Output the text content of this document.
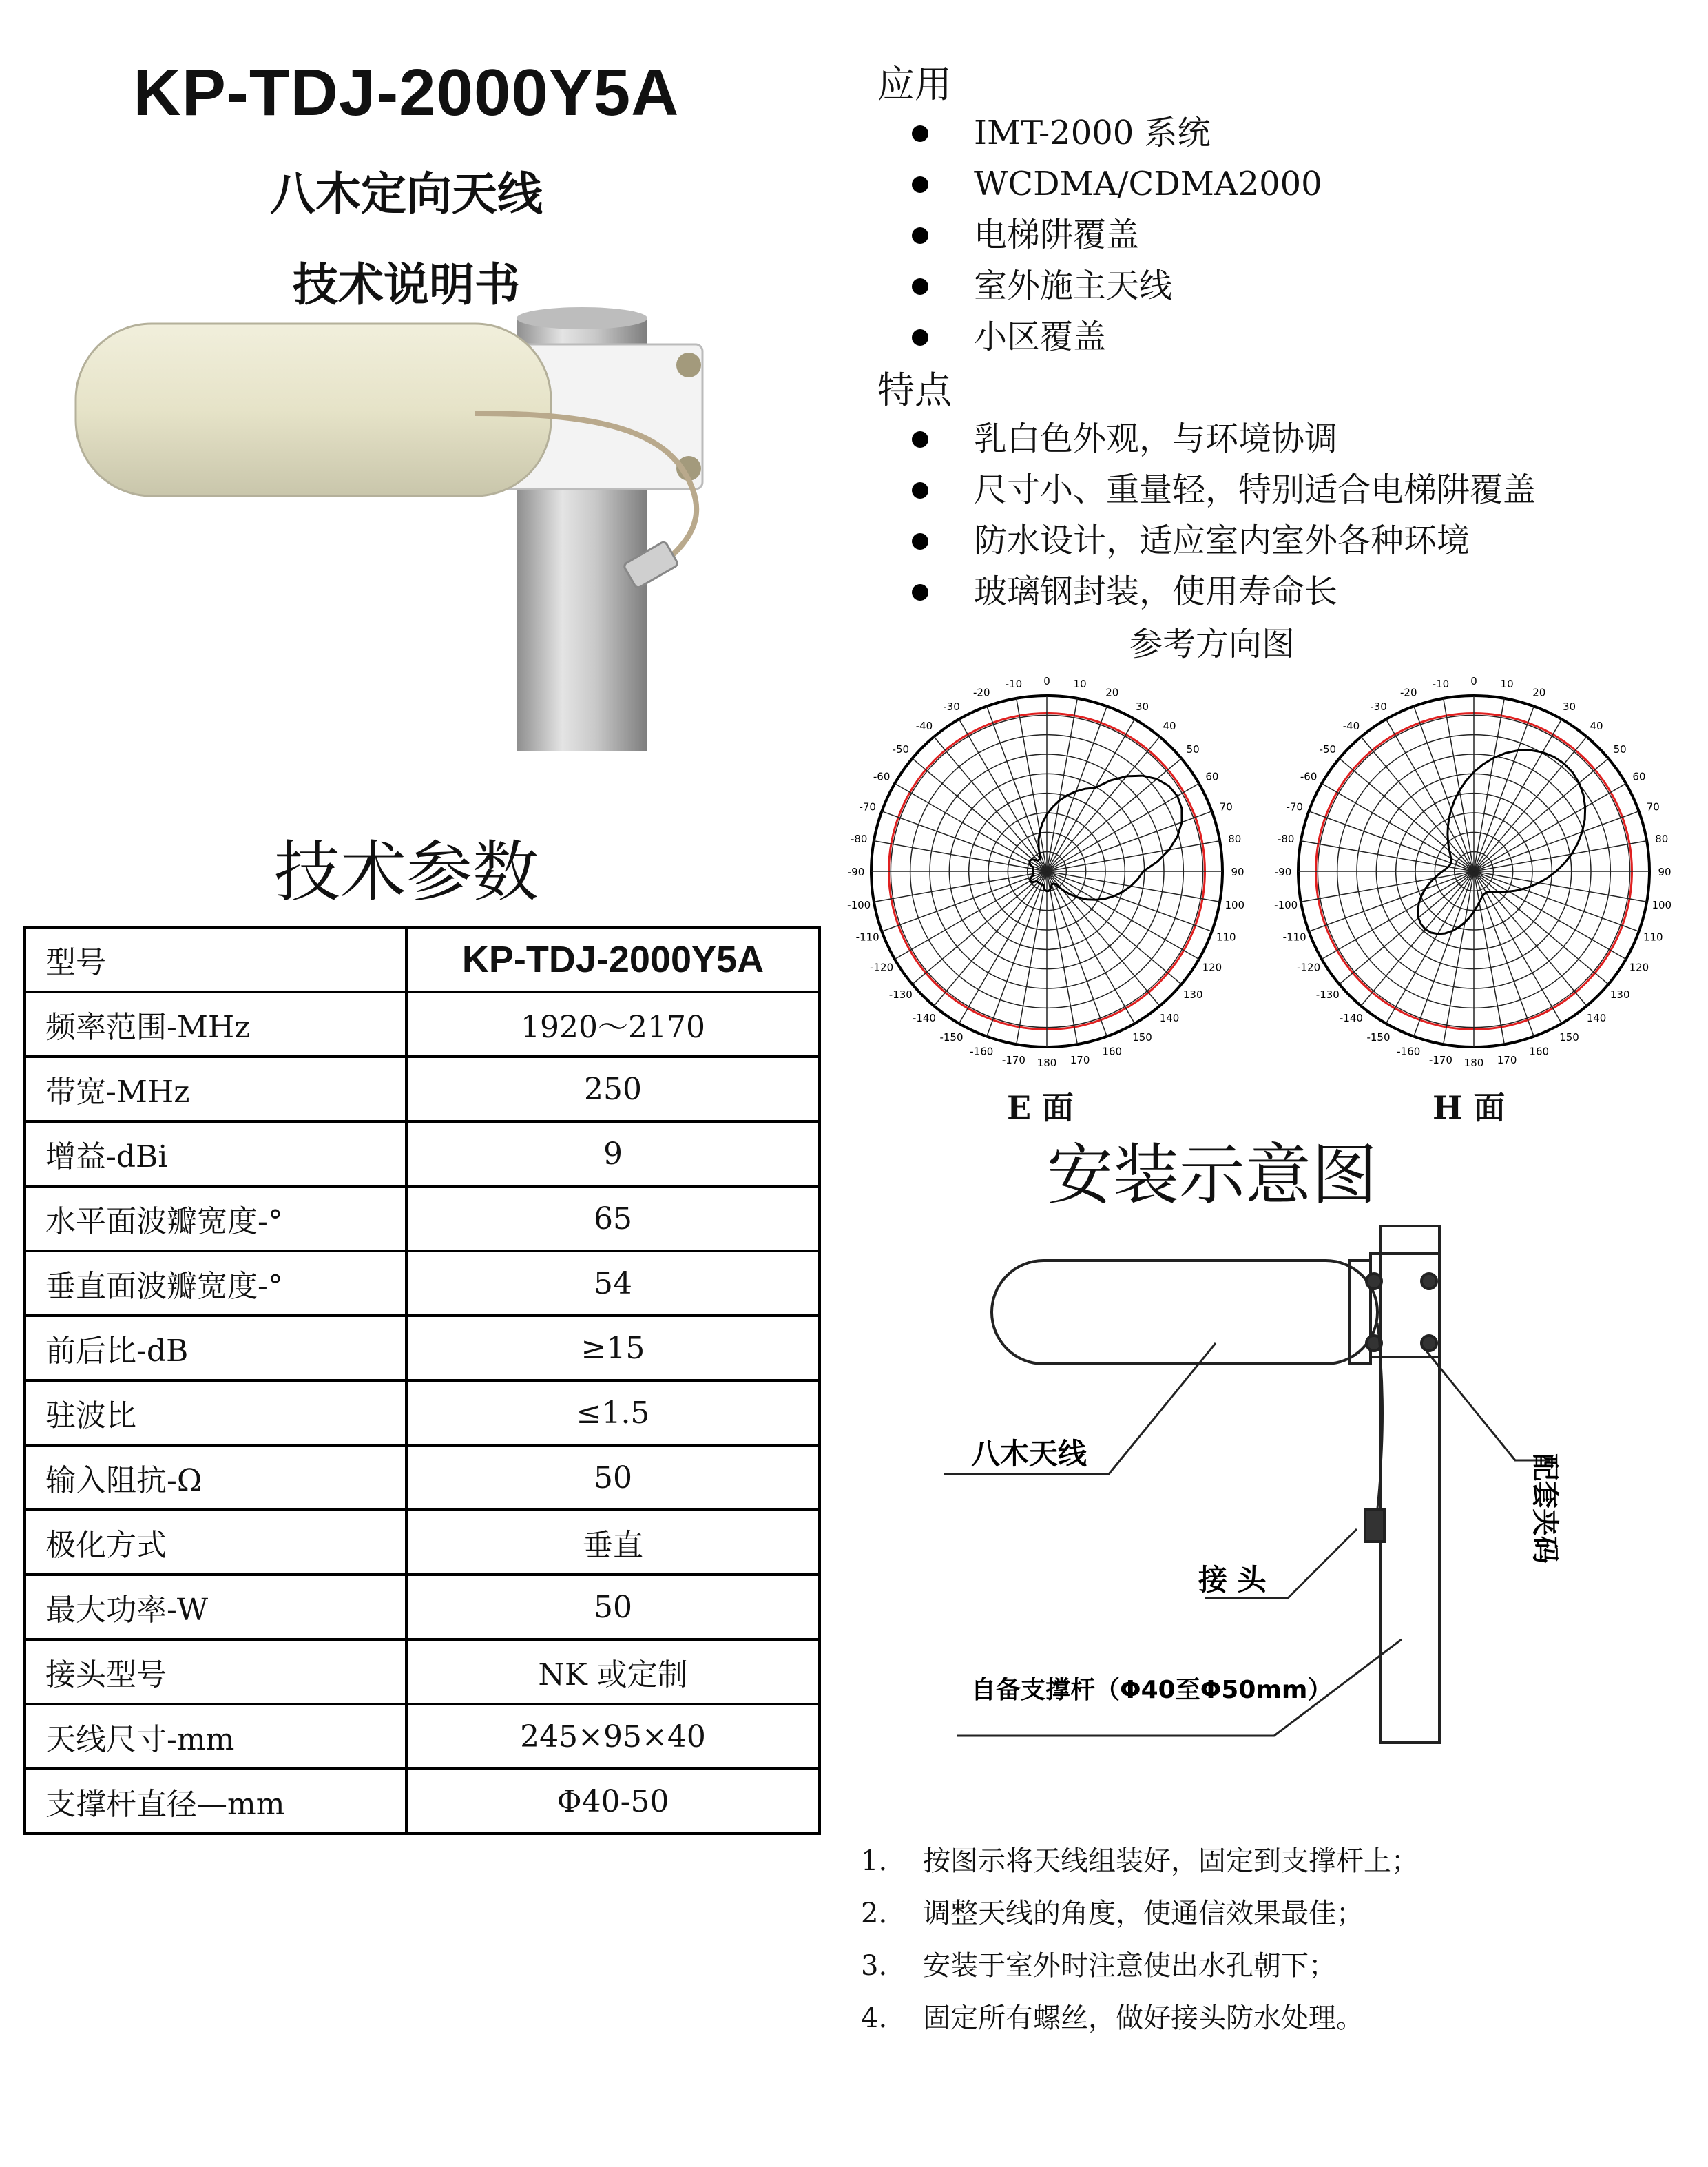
KP-TDJ-2000Y5A
八木定向天线
技术说明书
技术参数
型号	KP-TDJ-2000Y5A
频率范围-MHz	1920～2170
带宽-MHz	250
增益-dBi	9
水平面波瓣宽度-°	65
垂直面波瓣宽度-°	54
前后比-dB	≥15
驻波比	≤1.5
输入阻抗-Ω	50
极化方式	垂直
最大功率-W	50
接头型号	NK 或定制
天线尺寸-mm	245×95×40
支撑杆直径—mm	Φ40-50
应用
IMT-2000 系统
WCDMA/CDMA2000
电梯阱覆盖
室外施主天线
小区覆盖
特点
乳白色外观，与环境协调
尺寸小、重量轻，特别适合电梯阱覆盖
防水设计，适应室内室外各种环境
玻璃钢封装，使用寿命长
参考方向图
0 10
20
30
40
50
60
70
80
90
100
110
120
130
140
150
160
170
180
-170
-160
-150
-140
-130
-120
-110
-100
-90
-80
-70
-60
-50
-40
-30
-20
-10	0 10
20
30
40
50
60
70
80
90
100
110
120
130
140
150
160
170
180
-170
-160
-150
-140
-130
-120
-110
-100
-90
-80
-70
-60
-50
-40
-30
-20
-10
E 面	H 面
安装示意图
八木天线	配套夹码
接 头
自备支撑杆（Φ40至Φ50mm）
1. 按图示将天线组装好，固定到支撑杆上；
2. 调整天线的角度，使通信效果最佳；
3. 安装于室外时注意使出水孔朝下；
4. 固定所有螺丝，做好接头防水处理。
